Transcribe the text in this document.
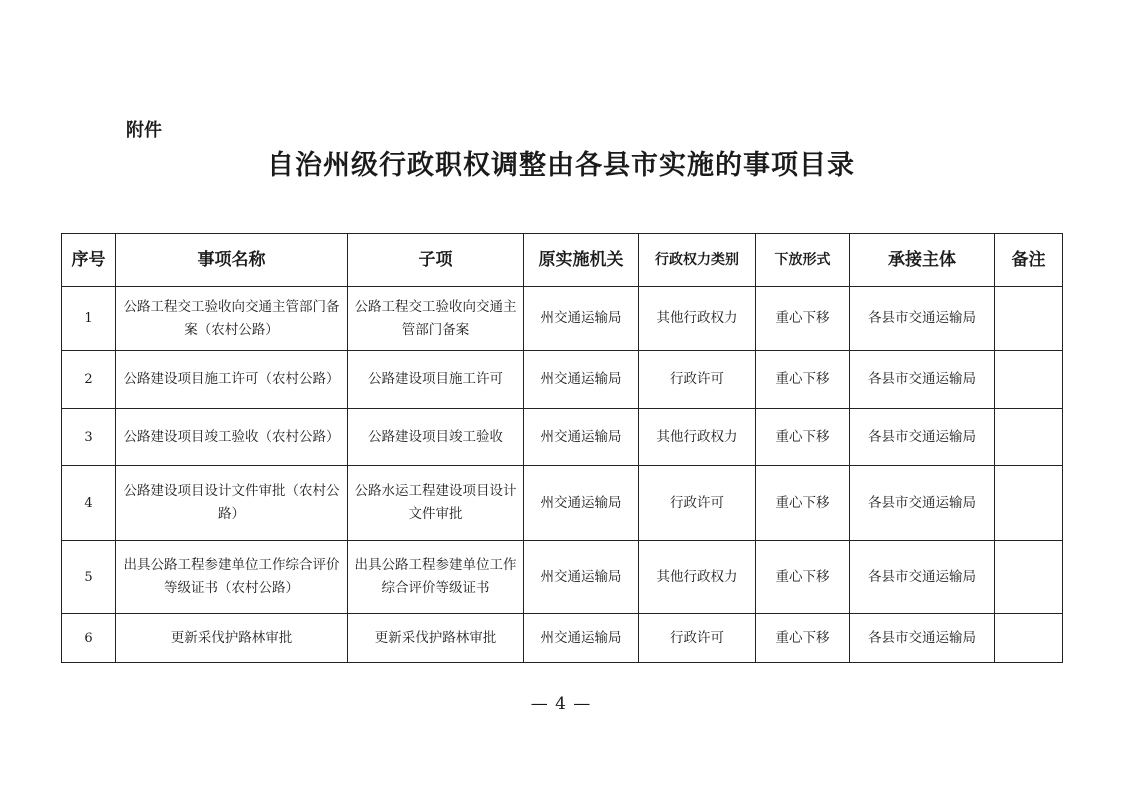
附件
自治州级行政职权调整由各县市实施的事项目录
序号	事项名称	子项	原实施机关	行政权力类别	下放形式	承接主体	备注
1	公路工程交工验收向交通主管部门备案（农村公路）	公路工程交工验收向交通主管部门备案	州交通运输局	其他行政权力	重心下移	各县市交通运输局	
2	公路建设项目施工许可（农村公路）	公路建设项目施工许可	州交通运输局	行政许可	重心下移	各县市交通运输局	
3	公路建设项目竣工验收（农村公路）	公路建设项目竣工验收	州交通运输局	其他行政权力	重心下移	各县市交通运输局	
4	公路建设项目设计文件审批（农村公路）	公路水运工程建设项目设计文件审批	州交通运输局	行政许可	重心下移	各县市交通运输局	
5	出具公路工程参建单位工作综合评价等级证书（农村公路）	出具公路工程参建单位工作综合评价等级证书	州交通运输局	其他行政权力	重心下移	各县市交通运输局	
6	更新采伐护路林审批	更新采伐护路林审批	州交通运输局	行政许可	重心下移	各县市交通运输局	
— 4 —
